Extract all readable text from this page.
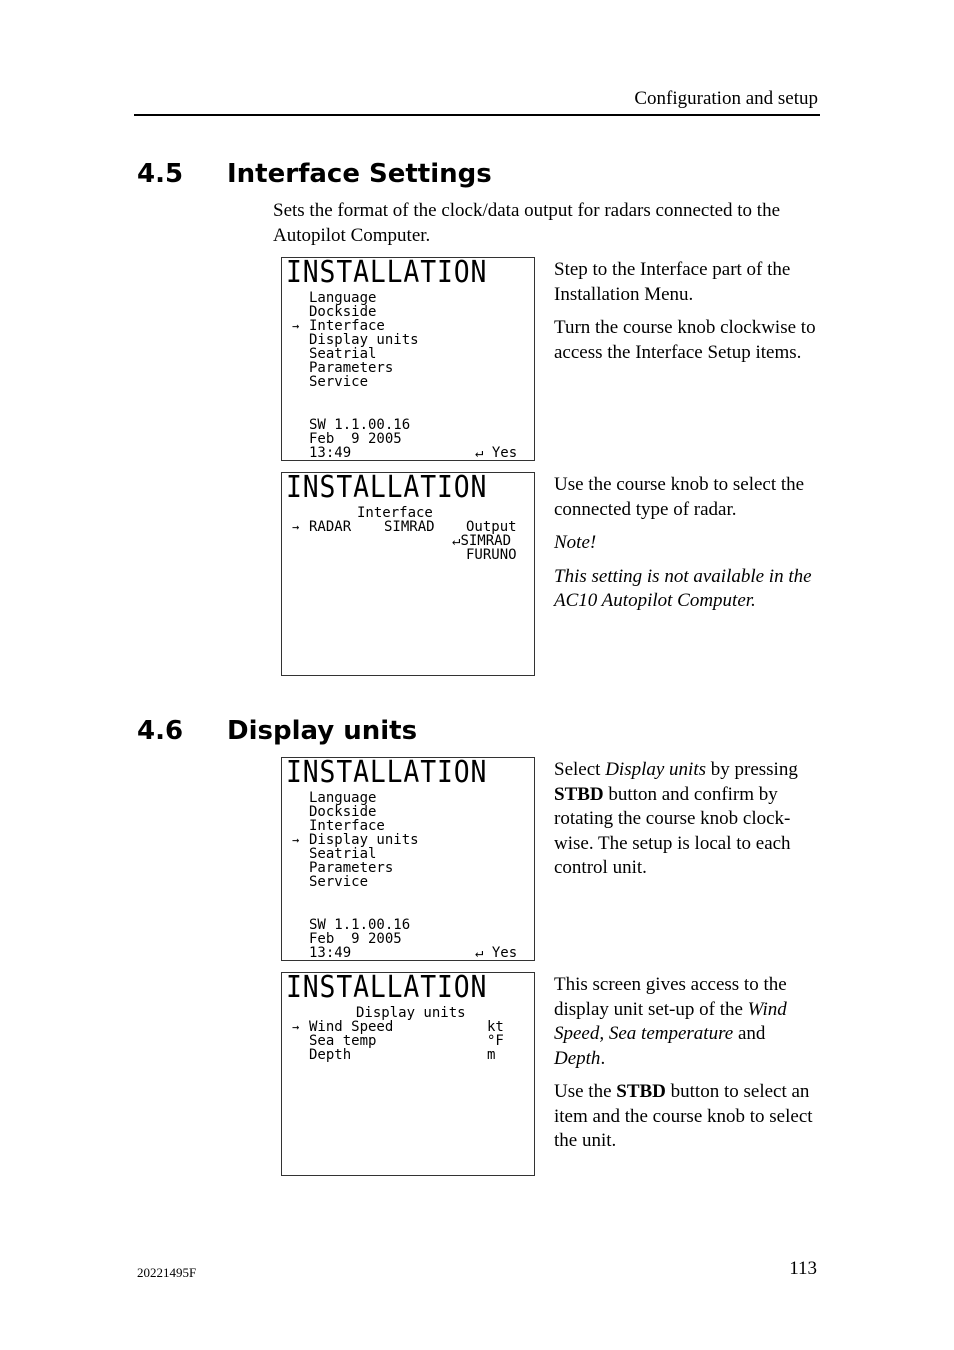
Configuration and setup
4.5 Interface Settings
Sets the format of the clock/data output for radars connected to the Autopilot Computer.
INSTALLATION
Language
Dockside
→ Interface
Display units
Seatrial
Parameters
Service
SW 1.1.00.16
Feb  9 2005
13:49	↵ Yes

Step to the Interface part of the Installation Menu.

Turn the course knob clockwise to access the Interface Setup items.

INSTALLATION
Interface
→ RADAR SIMRAD Output
↵SIMRAD
FURUNO

Use the course knob to select the connected type of radar.

Note!

This setting is not available in the AC10 Autopilot Computer.

4.6 Display units
INSTALLATION
Language
Dockside
Interface
→ Display units
Seatrial
Parameters
Service
SW 1.1.00.16
Feb  9 2005
13:49	↵ Yes

Select Display units by pressing STBD button and confirm by rotating the course knob clock-wise. The setup is local to each control unit.

INSTALLATION
Display units
→ Wind Speed	kt
Sea temp	°F
Depth	m

This screen gives access to the display unit set-up of the Wind Speed, Sea temperature and Depth.

Use the STBD button to select an item and the course knob to select the unit.

20221495F	113
